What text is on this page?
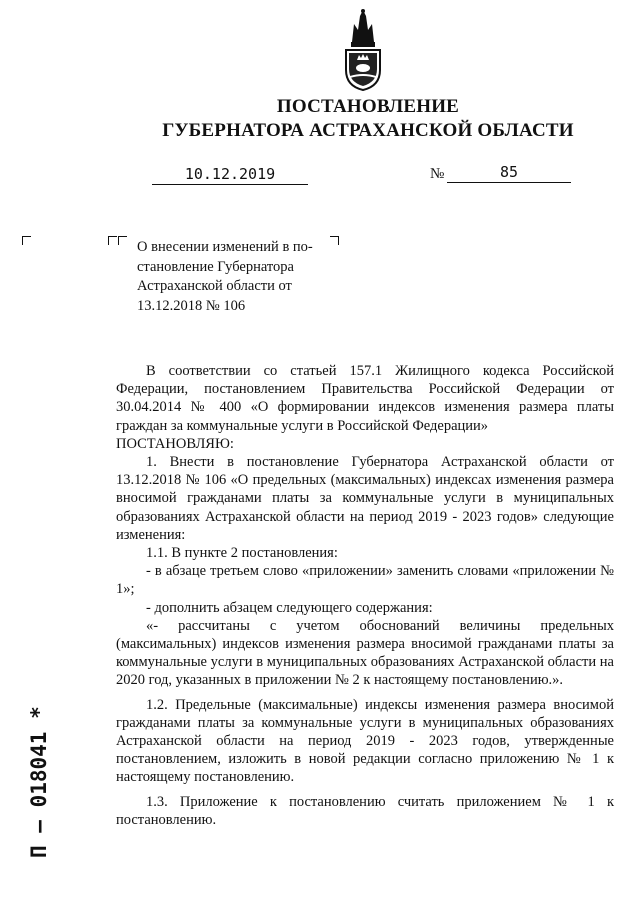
ПОСТАНОВЛЕНИЕ
ГУБЕРНАТОРА АСТРАХАНСКОЙ ОБЛАСТИ
10.12.2019	№	85
О внесении изменений в по-
становление Губернатора
Астраханской области от
13.12.2018 № 106

В соответствии со статьей 157.1 Жилищного кодекса Российской Федерации, постановлением Правительства Российской Федерации от 30.04.2014 № 400 «О формировании индексов изменения размера платы граждан за коммунальные услуги в Российской Федерации»

ПОСТАНОВЛЯЮ:

1. Внести в постановление Губернатора Астраханской области от 13.12.2018 № 106 «О предельных (максимальных) индексах изменения размера вносимой гражданами платы за коммунальные услуги в муниципальных образованиях Астраханской области на период 2019 - 2023 годов» следующие изменения:

1.1. В пункте 2 постановления:

- в абзаце третьем слово «приложении» заменить словами «приложении № 1»;

- дополнить абзацем следующего содержания:

«- рассчитаны с учетом обоснований величины предельных (максимальных) индексов изменения размера вносимой гражданами платы за коммунальные услуги в муниципальных образованиях Астраханской области на 2020 год, указанных в приложении № 2 к настоящему постановлению.».

1.2. Предельные (максимальные) индексы изменения размера вносимой гражданами платы за коммунальные услуги в муниципальных образованиях Астраханской области на период 2019 - 2023 годов, утвержденные постановлением, изложить в новой редакции согласно приложению № 1 к настоящему постановлению.

1.3. Приложение к постановлению считать приложением № 1 к постановлению.

П – 018041 *
